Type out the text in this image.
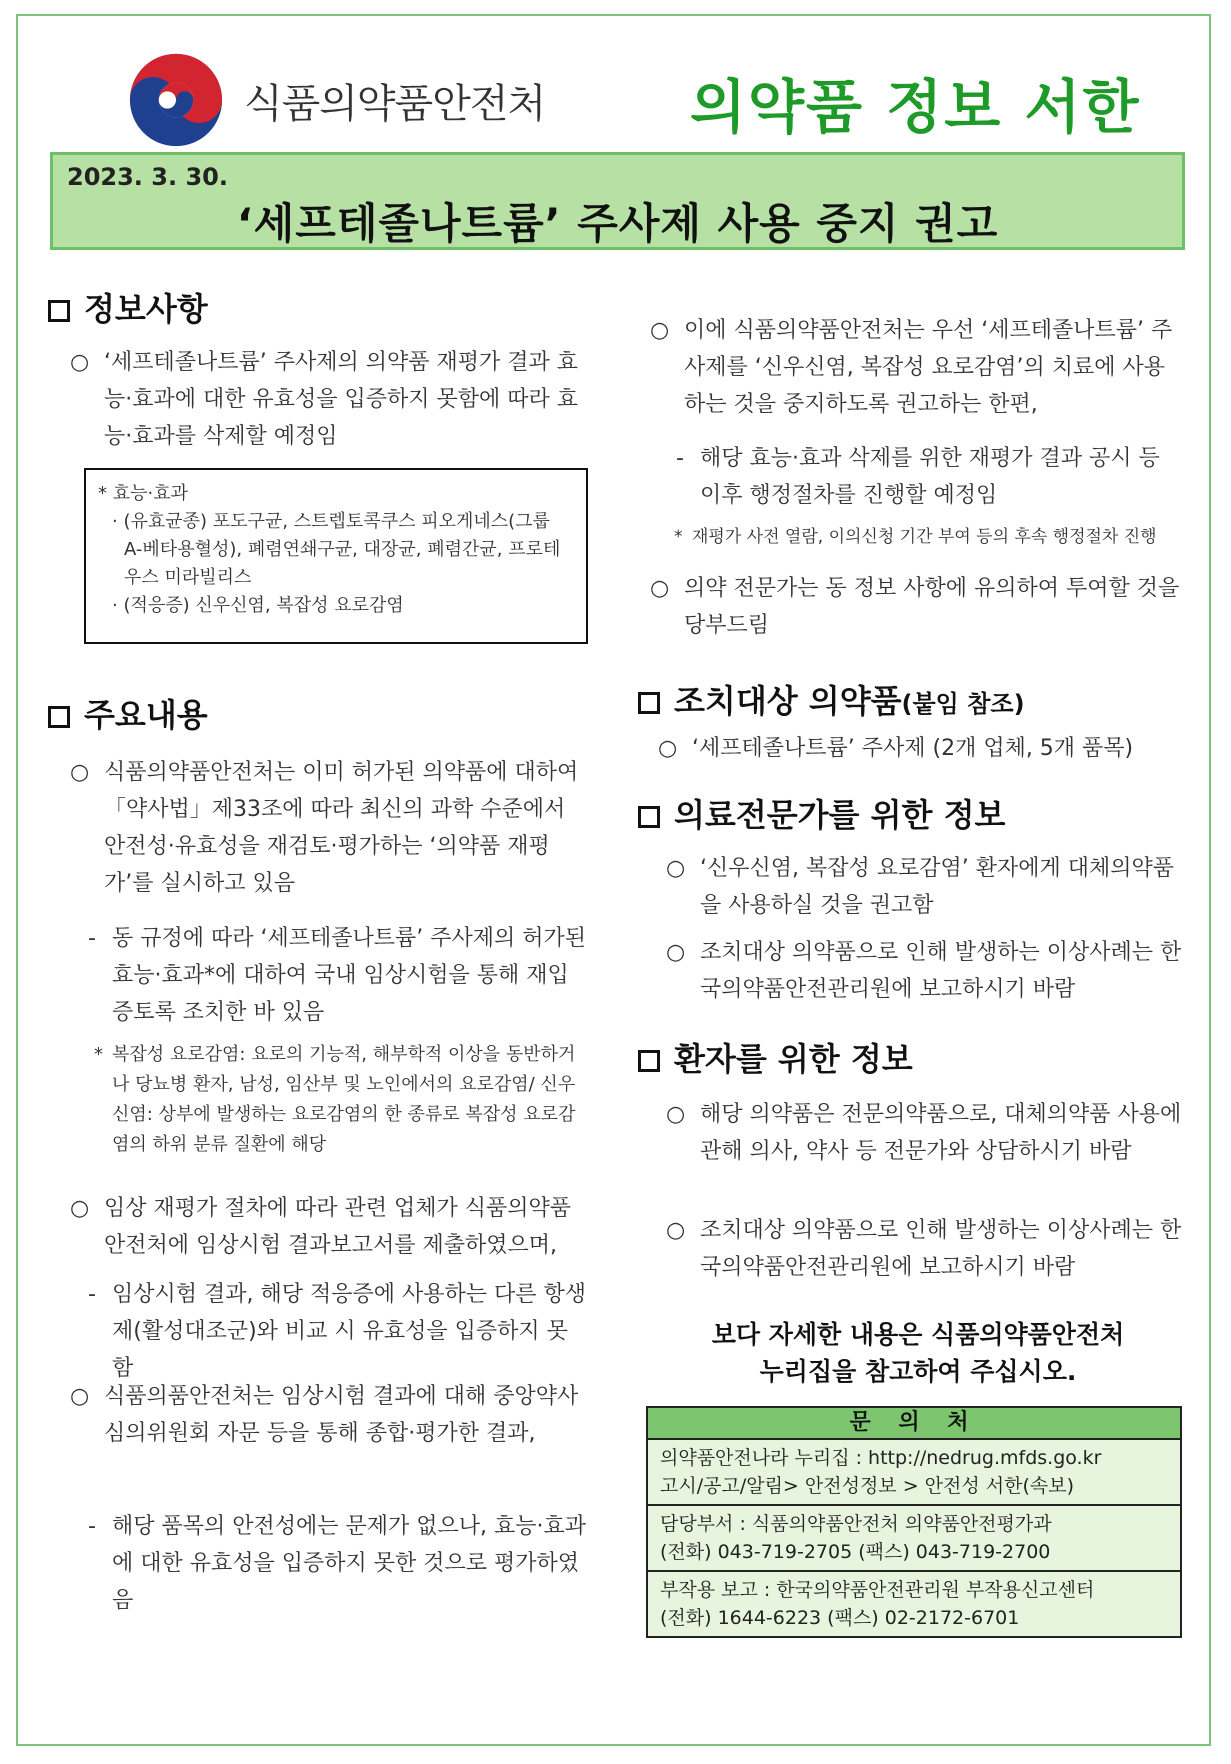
식품의약품안전처 의약품 정보 서한
2023. 3. 30.
‘세프테졸나트륨’ 주사제 사용 중지 권고
정보사항
○ ‘세프테졸나트륨’ 주사제의 의약품 재평가 결과 효능·효과에 대한 유효성을 입증하지 못함에 따라 효능·효과를 삭제할 예정임
* 효능·효과
· (유효균종) 포도구균, 스트렙토콕쿠스 피오게네스(그룹 A-베타용혈성), 폐렴연쇄구균, 대장균, 폐렴간균, 프로테우스 미라빌리스
· (적응증) 신우신염, 복잡성 요로감염
주요내용
○ 식품의약품안전처는 이미 허가된 의약품에 대하여 「약사법」제33조에 따라 최신의 과학 수준에서 안전성·유효성을 재검토·평가하는 ‘의약품 재평가’를 실시하고 있음
- 동 규정에 따라 ‘세프테졸나트륨’ 주사제의 허가된 효능·효과*에 대하여 국내 임상시험을 통해 재입증토록 조치한 바 있음
* 복잡성 요로감염: 요로의 기능적, 해부학적 이상을 동반하거나 당뇨병 환자, 남성, 임산부 및 노인에서의 요로감염/ 신우신염: 상부에 발생하는 요로감염의 한 종류로 복잡성 요로감염의 하위 분류 질환에 해당
○ 임상 재평가 절차에 따라 관련 업체가 식품의약품안전처에 임상시험 결과보고서를 제출하였으며,
- 임상시험 결과, 해당 적응증에 사용하는 다른 항생제(활성대조군)와 비교 시 유효성을 입증하지 못함
○ 식품의품안전처는 임상시험 결과에 대해 중앙약사심의위원회 자문 등을 통해 종합·평가한 결과,
- 해당 품목의 안전성에는 문제가 없으나, 효능·효과에 대한 유효성을 입증하지 못한 것으로 평가하였음
○ 이에 식품의약품안전처는 우선 ‘세프테졸나트륨’ 주사제를 ‘신우신염, 복잡성 요로감염’의 치료에 사용하는 것을 중지하도록 권고하는 한편,
- 해당 효능·효과 삭제를 위한 재평가 결과 공시 등 이후 행정절차를 진행할 예정임
* 재평가 사전 열람, 이의신청 기간 부여 등의 후속 행정절차 진행
○ 의약 전문가는 동 정보 사항에 유의하여 투여할 것을 당부드림
조치대상 의약품(붙임 참조)
○ ‘세프테졸나트륨’ 주사제 (2개 업체, 5개 품목)
의료전문가를 위한 정보
○ ‘신우신염, 복잡성 요로감염’ 환자에게 대체의약품을 사용하실 것을 권고함
○ 조치대상 의약품으로 인해 발생하는 이상사례는 한국의약품안전관리원에 보고하시기 바람
환자를 위한 정보
○ 해당 의약품은 전문의약품으로, 대체의약품 사용에 관해 의사, 약사 등 전문가와 상담하시기 바람
○ 조치대상 의약품으로 인해 발생하는 이상사례는 한국의약품안전관리원에 보고하시기 바람
보다 자세한 내용은 식품의약품안전처
누리집을 참고하여 주십시오.
문 의 처
의약품안전나라 누리집 : http://nedrug.mfds.go.kr
고시/공고/알림> 안전성정보 > 안전성 서한(속보)
담당부서 : 식품의약품안전처 의약품안전평가과
(전화) 043-719-2705 (팩스) 043-719-2700
부작용 보고 : 한국의약품안전관리원 부작용신고센터
(전화) 1644-6223 (팩스) 02-2172-6701
